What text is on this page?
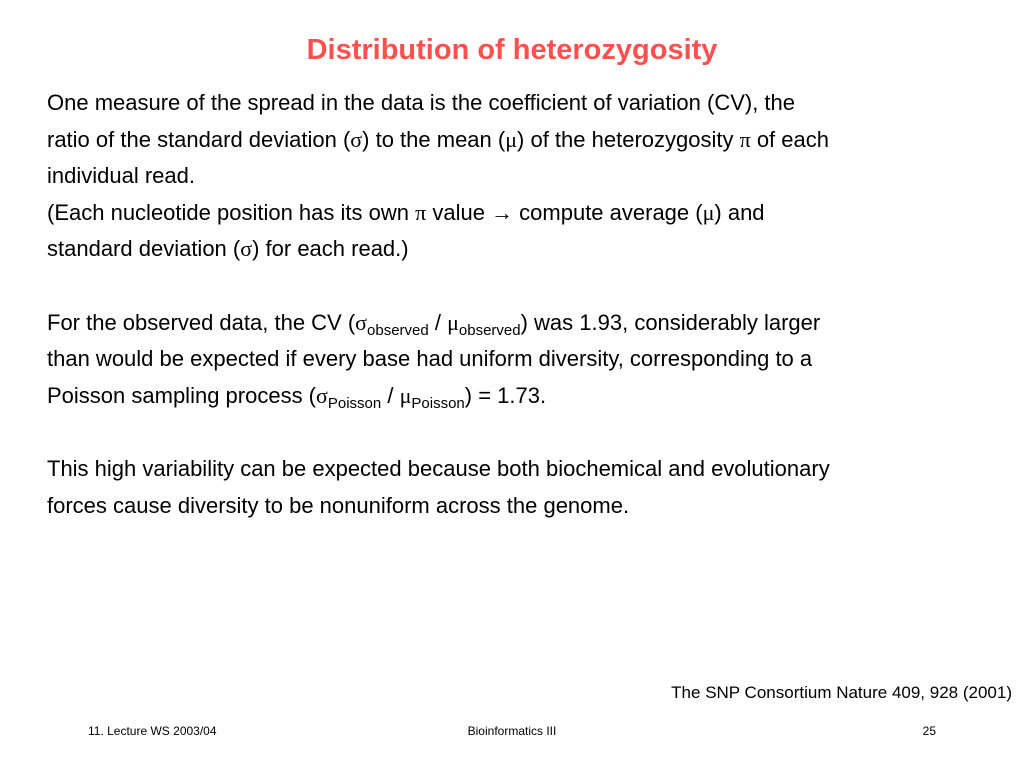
Distribution of heterozygosity

One measure of the spread in the data is the coefficient of variation (CV), the

ratio of the standard deviation (σ) to the mean (μ) of the heterozygosity π of each

individual read.

(Each nucleotide position has its own π value → compute average (μ) and

standard deviation (σ) for each read.)

For the observed data, the CV $(\sigma_{observed} / \mu_{observed})$ was 1.93, considerably larger

than would be expected if every base had uniform diversity, corresponding to a

Poisson sampling process $(\sigma_{Poisson} / \mu_{Poisson}) = 1.73$.

This high variability can be expected because both biochemical and evolutionary

forces cause diversity to be nonuniform across the genome.

The SNP Consortium Nature 409, 928 (2001)
11. Lecture WS 2003/04	Bioinformatics III	25
